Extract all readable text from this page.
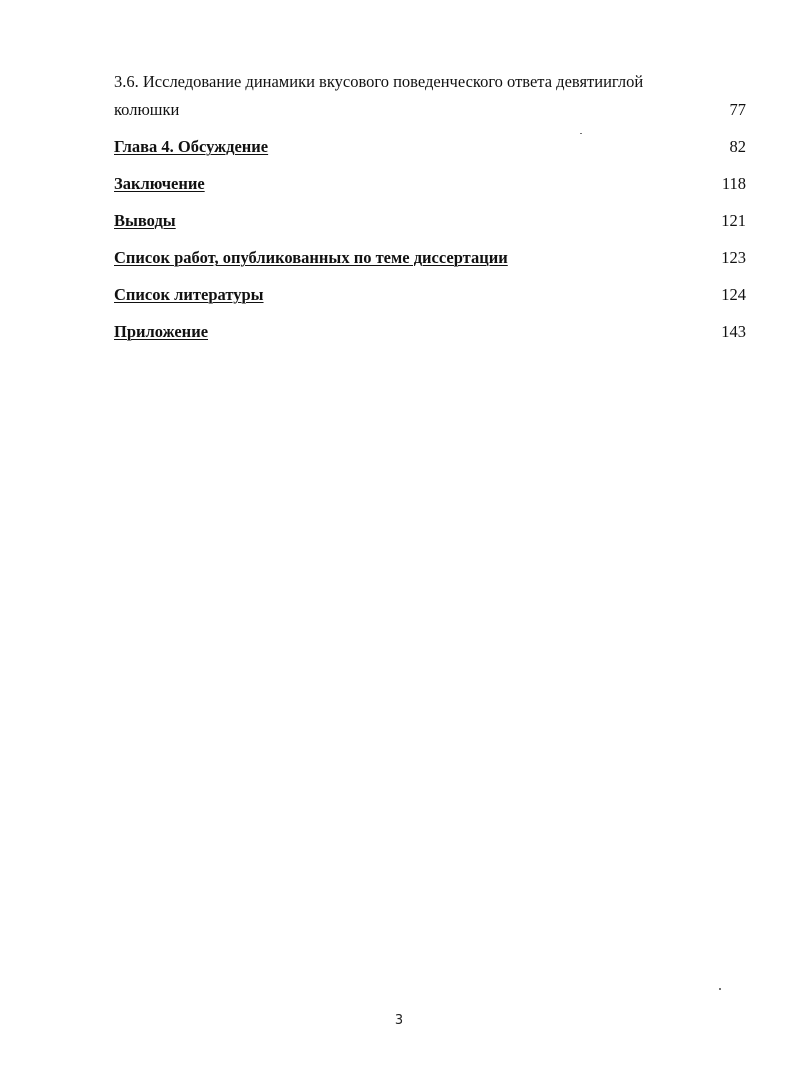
3.6. Исследование динамики вкусового поведенческого ответа девятииглой
колюшки	77
Глава 4. Обсуждение	82
Заключение	118
Выводы	121
Список работ, опубликованных по теме диссертации	123
Список литературы	124
Приложение	143
3
